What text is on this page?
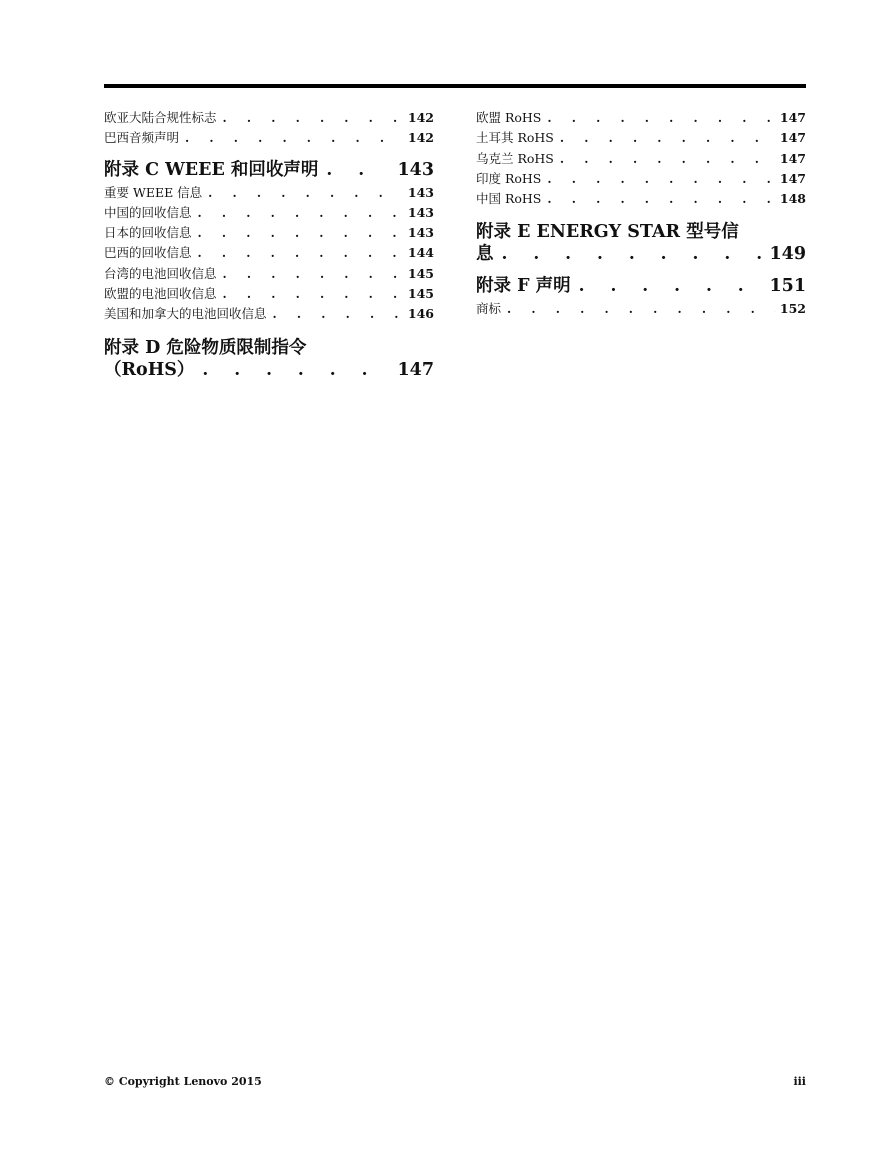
欧亚大陆合规性标志 . . .	142
巴西音频声明 . . .	142
附录 C WEEE 和回收声明 . . .	143
重要 WEEE 信息 . . .	143
中国的回收信息 . . .	143
日本的回收信息 . . .	143
巴西的回收信息 . . .	144
台湾的电池回收信息 . . .	145
欧盟的电池回收信息 . . .	145
美国和加拿大的电池回收信息 . . .	146
附录 D 危险物质限制指令
（RoHS） . . .	147
欧盟 RoHS . . .	147
土耳其 RoHS . . .	147
乌克兰 RoHS . . .	147
印度 RoHS . . .	147
中国 RoHS . . .	148
附录 E ENERGY STAR 型号信
息 . . .	149
附录 F 声明 . . .	151
商标 . . .	152
© Copyright Lenovo 2015	iii
